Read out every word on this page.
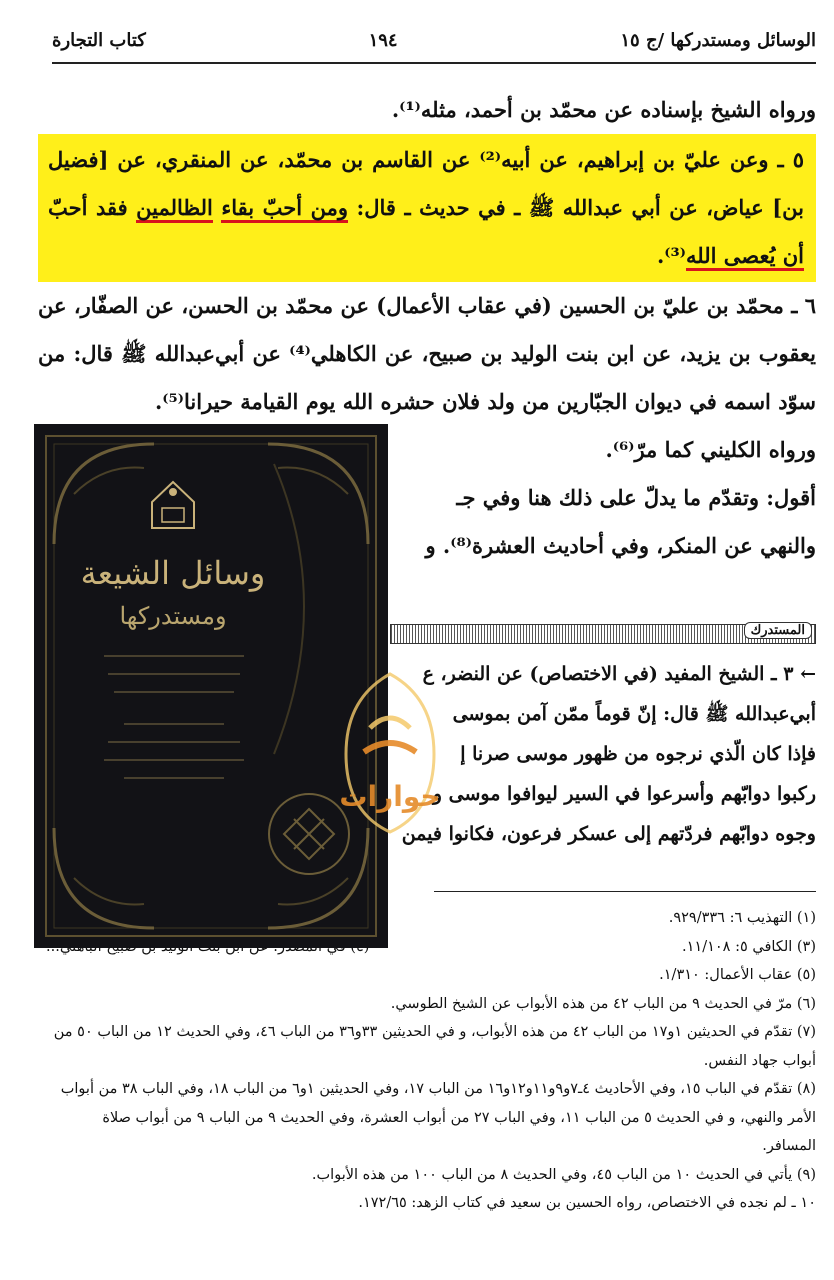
الوسائل ومستدركها /ج ١٥
١٩٤
كتاب التجارة

ورواه الشيخ بإسناده عن محمّد بن أحمد، مثله⁽¹⁾.

٥ ـ وعن عليّ بن إبراهيم، عن أبيه⁽²⁾ عن القاسم بن محمّد، عن المنقري، عن [فضيل بن] عياض، عن أبي عبدالله ﷺ ـ في حديث ـ قال: ومن أحبّ بقاء الظالمين فقد أحبّ أن يُعصى الله⁽³⁾.

٦ ـ محمّد بن عليّ بن الحسين (في عقاب الأعمال) عن محمّد بن الحسن، عن الصفّار، عن يعقوب بن يزيد، عن ابن بنت الوليد بن صبيح، عن الكاهلي⁽⁴⁾ عن أبي‌عبدالله ﷺ قال: من سوّد اسمه في ديوان الجبّارين من ولد فلان حشره الله يوم القيامة حيرانا⁽⁵⁾.

ورواه الكليني كما مرّ⁽⁶⁾.

أقول: وتقدّم ما يدلّ على ذلك هنا وفي جـ

والنهي عن المنكر، وفي أحاديث العشرة⁽⁸⁾. و

المستدرك

← ٣ ـ الشيخ المفيد (في الاختصاص) عن النضر، ع

أبي‌عبدالله ﷺ قال: إنّ قوماً ممّن آمن بموسى

فإذا كان الّذي نرجوه من ظهور موسى صرنا إ

ركبوا دوابّهم وأسرعوا في السير ليوافوا موسى و

وجوه دوابّهم فردّتهم إلى عسكر فرعون، فكانوا فيمن

(١) التهذيب ٦: ٩٢٩/٣٣٦.

(٣) الكافي ٥: ١١/١٠٨.

(٥) عقاب الأعمال: ١/٣١٠.

(٦) مرّ في الحديث ٩ من الباب ٤٢ من هذه الأبواب عن الشيخ الطوسي.

(٧) تقدّم في الحديثين ١و١٧ من الباب ٤٢ من هذه الأبواب، و في الحديثين ٣٣و٣٦ من الباب ٤٦، وفي الحديث ١٢ من الباب ٥٠ من أبواب جهاد النفس.

(٨) تقدّم في الباب ١٥، وفي الأحاديث ٤ـ٧و٩و١١و١٢و١٦ من الباب ١٧، وفي الحديثين ١و٦ من الباب ١٨، وفي الباب ٣٨ من أبواب الأمر والنهي، و في الحديث ٥ من الباب ١١، وفي الباب ٢٧ من أبواب العشرة، وفي الحديث ٩ من الباب ٩ من أبواب صلاة المسافر.

(٩) يأتي في الحديث ١٠ من الباب ٤٥، وفي الحديث ٨ من الباب ١٠٠ من هذه الأبواب.

١٠ ـ لم نجده في الاختصاص، رواه الحسين بن سعيد في كتاب الزهد: ١٧٢/٦٥.

وسائل الشيعة
ومستدركها
حوارات
